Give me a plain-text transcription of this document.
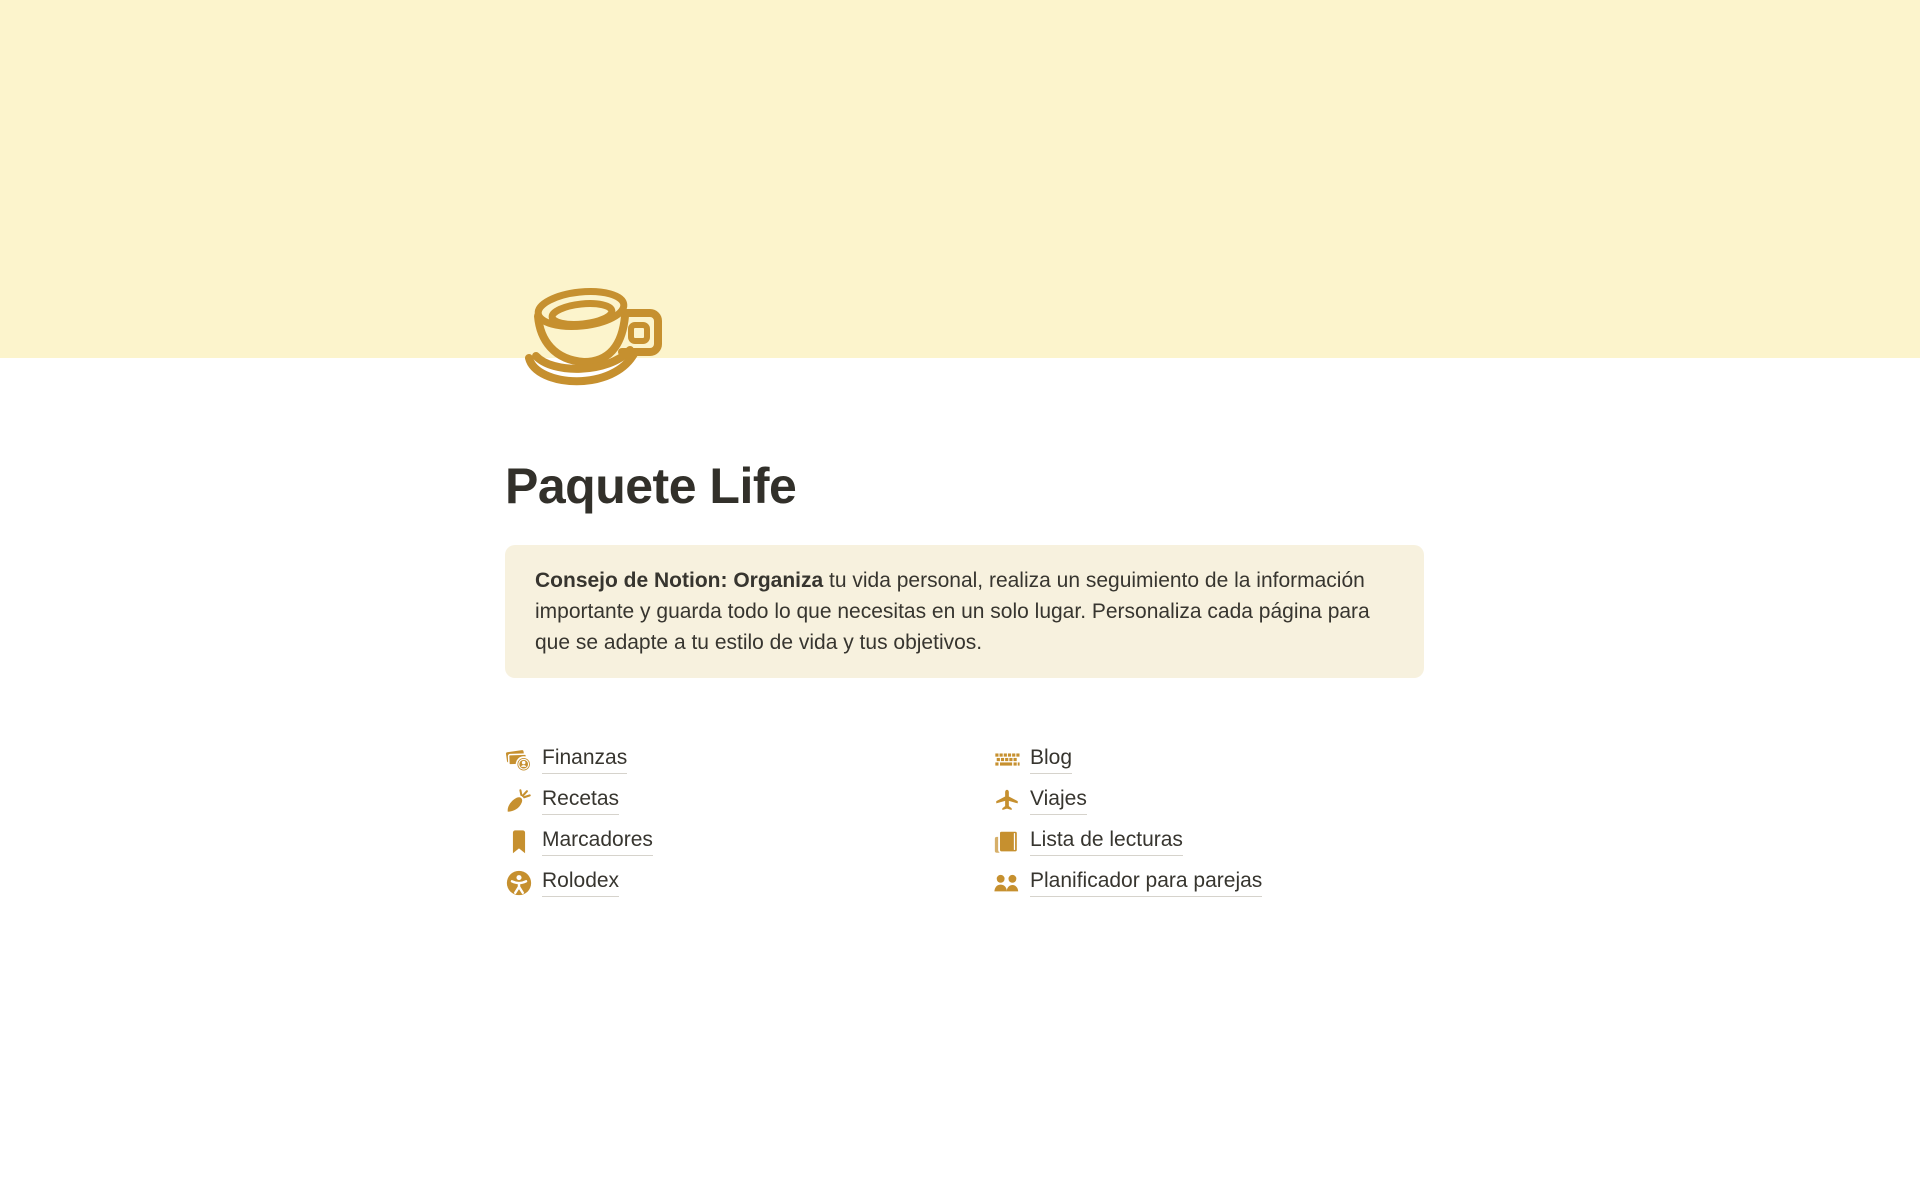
Paquete Life
Consejo de Notion: Organiza tu vida personal, realiza un seguimiento de la información importante y guarda todo lo que necesitas en un solo lugar. Personaliza cada página para que se adapte a tu estilo de vida y tus objetivos.
Finanzas
Recetas
Marcadores
Rolodex
Blog
Viajes
Lista de lecturas
Planificador para parejas
